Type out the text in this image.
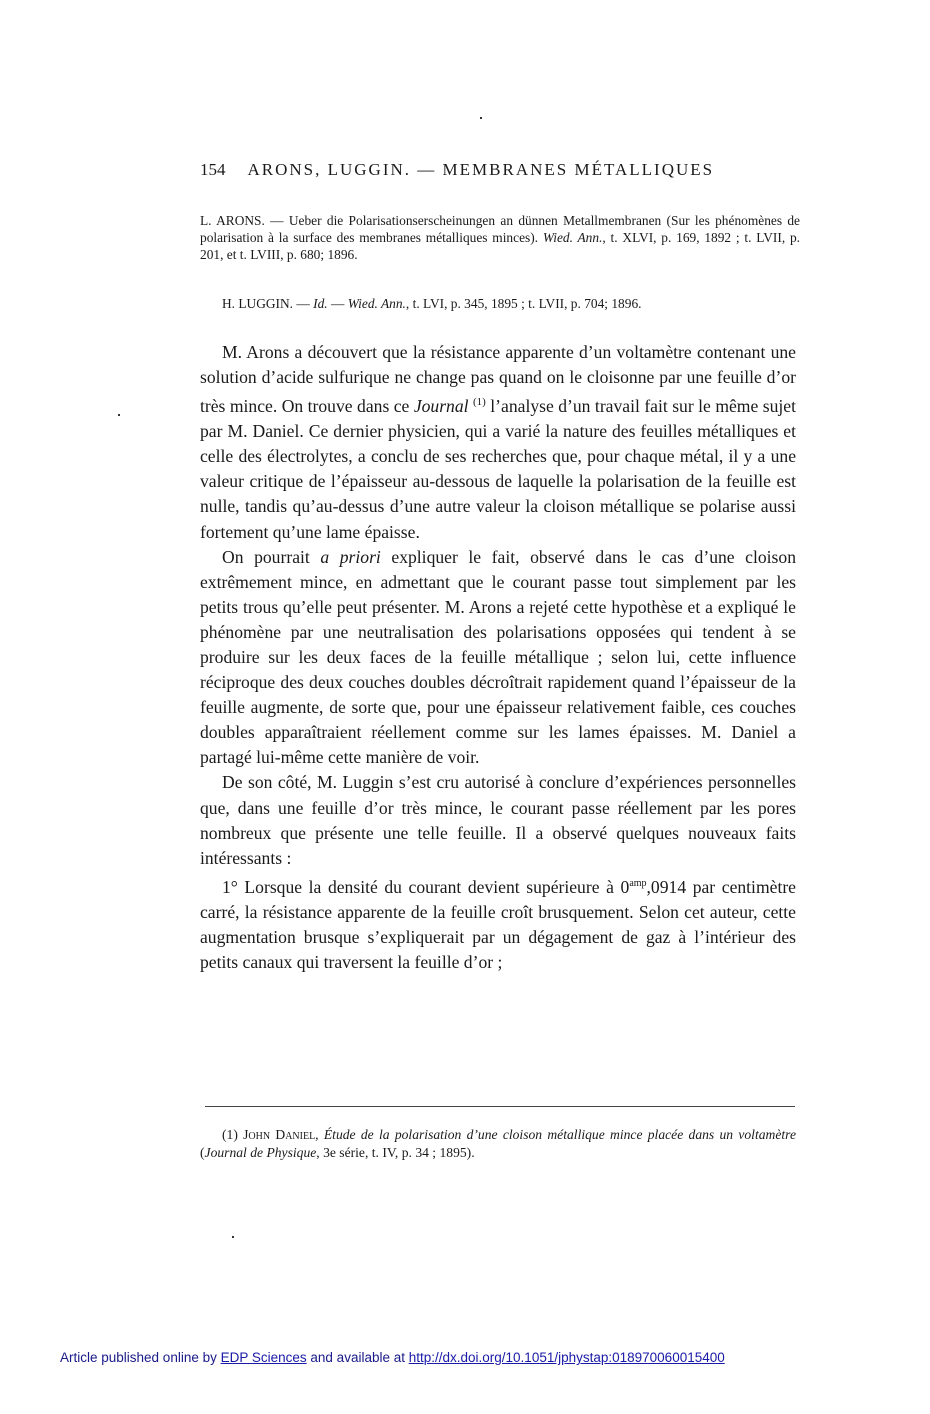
154 ARONS, LUGGIN. — MEMBRANES MÉTALLIQUES
L. ARONS. — Ueber die Polarisationserscheinungen an dünnen Metallmembranen (Sur les phénomènes de polarisation à la surface des membranes métalliques minces). Wied. Ann., t. XLVI, p. 169, 1892 ; t. LVII, p. 201, et t. LVIII, p. 680; 1896.
H. LUGGIN. — Id. — Wied. Ann., t. LVI, p. 345, 1895 ; t. LVII, p. 704; 1896.

M. Arons a découvert que la résistance apparente d’un voltamètre contenant une solution d’acide sulfurique ne change pas quand on le cloisonne par une feuille d’or très mince. On trouve dans ce Journal $^{(1)}$ l’analyse d’un travail fait sur le même sujet par M. Daniel. Ce dernier physicien, qui a varié la nature des feuilles métalliques et celle des électrolytes, a conclu de ses recherches que, pour chaque métal, il y a une valeur critique de l’épaisseur au-dessous de laquelle la polarisation de la feuille est nulle, tandis qu’au-dessus d’une autre valeur la cloison métallique se polarise aussi fortement qu’une lame épaisse.

On pourrait a priori expliquer le fait, observé dans le cas d’une cloison extrêmement mince, en admettant que le courant passe tout simplement par les petits trous qu’elle peut présenter. M. Arons a rejeté cette hypothèse et a expliqué le phénomène par une neutralisation des polarisations opposées qui tendent à se produire sur les deux faces de la feuille métallique ; selon lui, cette influence réciproque des deux couches doubles décroîtrait rapidement quand l’épaisseur de la feuille augmente, de sorte que, pour une épaisseur relativement faible, ces couches doubles apparaîtraient réellement comme sur les lames épaisses. M. Daniel a partagé lui-même cette manière de voir.

De son côté, M. Luggin s’est cru autorisé à conclure d’expériences personnelles que, dans une feuille d’or très mince, le courant passe réellement par les pores nombreux que présente une telle feuille. Il a observé quelques nouveaux faits intéressants :

1° Lorsque la densité du courant devient supérieure à $0^{amp},0914$ par centimètre carré, la résistance apparente de la feuille croît brusquement. Selon cet auteur, cette augmentation brusque s’expliquerait par un dégagement de gaz à l’intérieur des petits canaux qui traversent la feuille d’or ;

(1) John Daniel, Étude de la polarisation d’une cloison métallique mince placée dans un voltamètre (Journal de Physique, 3e série, t. IV, p. 34 ; 1895).
Article published online by EDP Sciences and available at http://dx.doi.org/10.1051/jphystap:018970060015400
